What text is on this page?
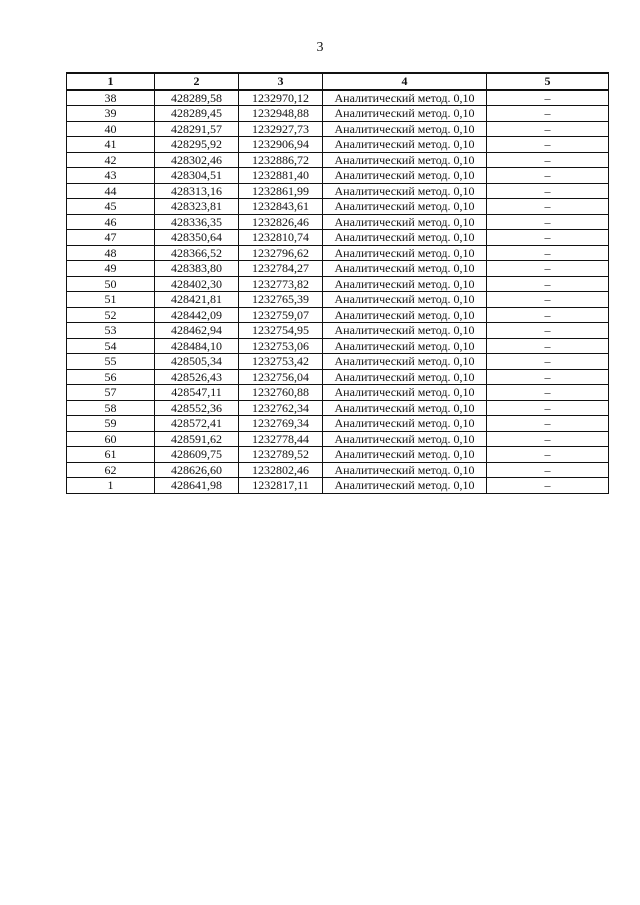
3
1	2	3	4	5
38	428289,58	1232970,12	Аналитический метод. 0,10	–
39	428289,45	1232948,88	Аналитический метод. 0,10	–
40	428291,57	1232927,73	Аналитический метод. 0,10	–
41	428295,92	1232906,94	Аналитический метод. 0,10	–
42	428302,46	1232886,72	Аналитический метод. 0,10	–
43	428304,51	1232881,40	Аналитический метод. 0,10	–
44	428313,16	1232861,99	Аналитический метод. 0,10	–
45	428323,81	1232843,61	Аналитический метод. 0,10	–
46	428336,35	1232826,46	Аналитический метод. 0,10	–
47	428350,64	1232810,74	Аналитический метод. 0,10	–
48	428366,52	1232796,62	Аналитический метод. 0,10	–
49	428383,80	1232784,27	Аналитический метод. 0,10	–
50	428402,30	1232773,82	Аналитический метод. 0,10	–
51	428421,81	1232765,39	Аналитический метод. 0,10	–
52	428442,09	1232759,07	Аналитический метод. 0,10	–
53	428462,94	1232754,95	Аналитический метод. 0,10	–
54	428484,10	1232753,06	Аналитический метод. 0,10	–
55	428505,34	1232753,42	Аналитический метод. 0,10	–
56	428526,43	1232756,04	Аналитический метод. 0,10	–
57	428547,11	1232760,88	Аналитический метод. 0,10	–
58	428552,36	1232762,34	Аналитический метод. 0,10	–
59	428572,41	1232769,34	Аналитический метод. 0,10	–
60	428591,62	1232778,44	Аналитический метод. 0,10	–
61	428609,75	1232789,52	Аналитический метод. 0,10	–
62	428626,60	1232802,46	Аналитический метод. 0,10	–
1	428641,98	1232817,11	Аналитический метод. 0,10	–
